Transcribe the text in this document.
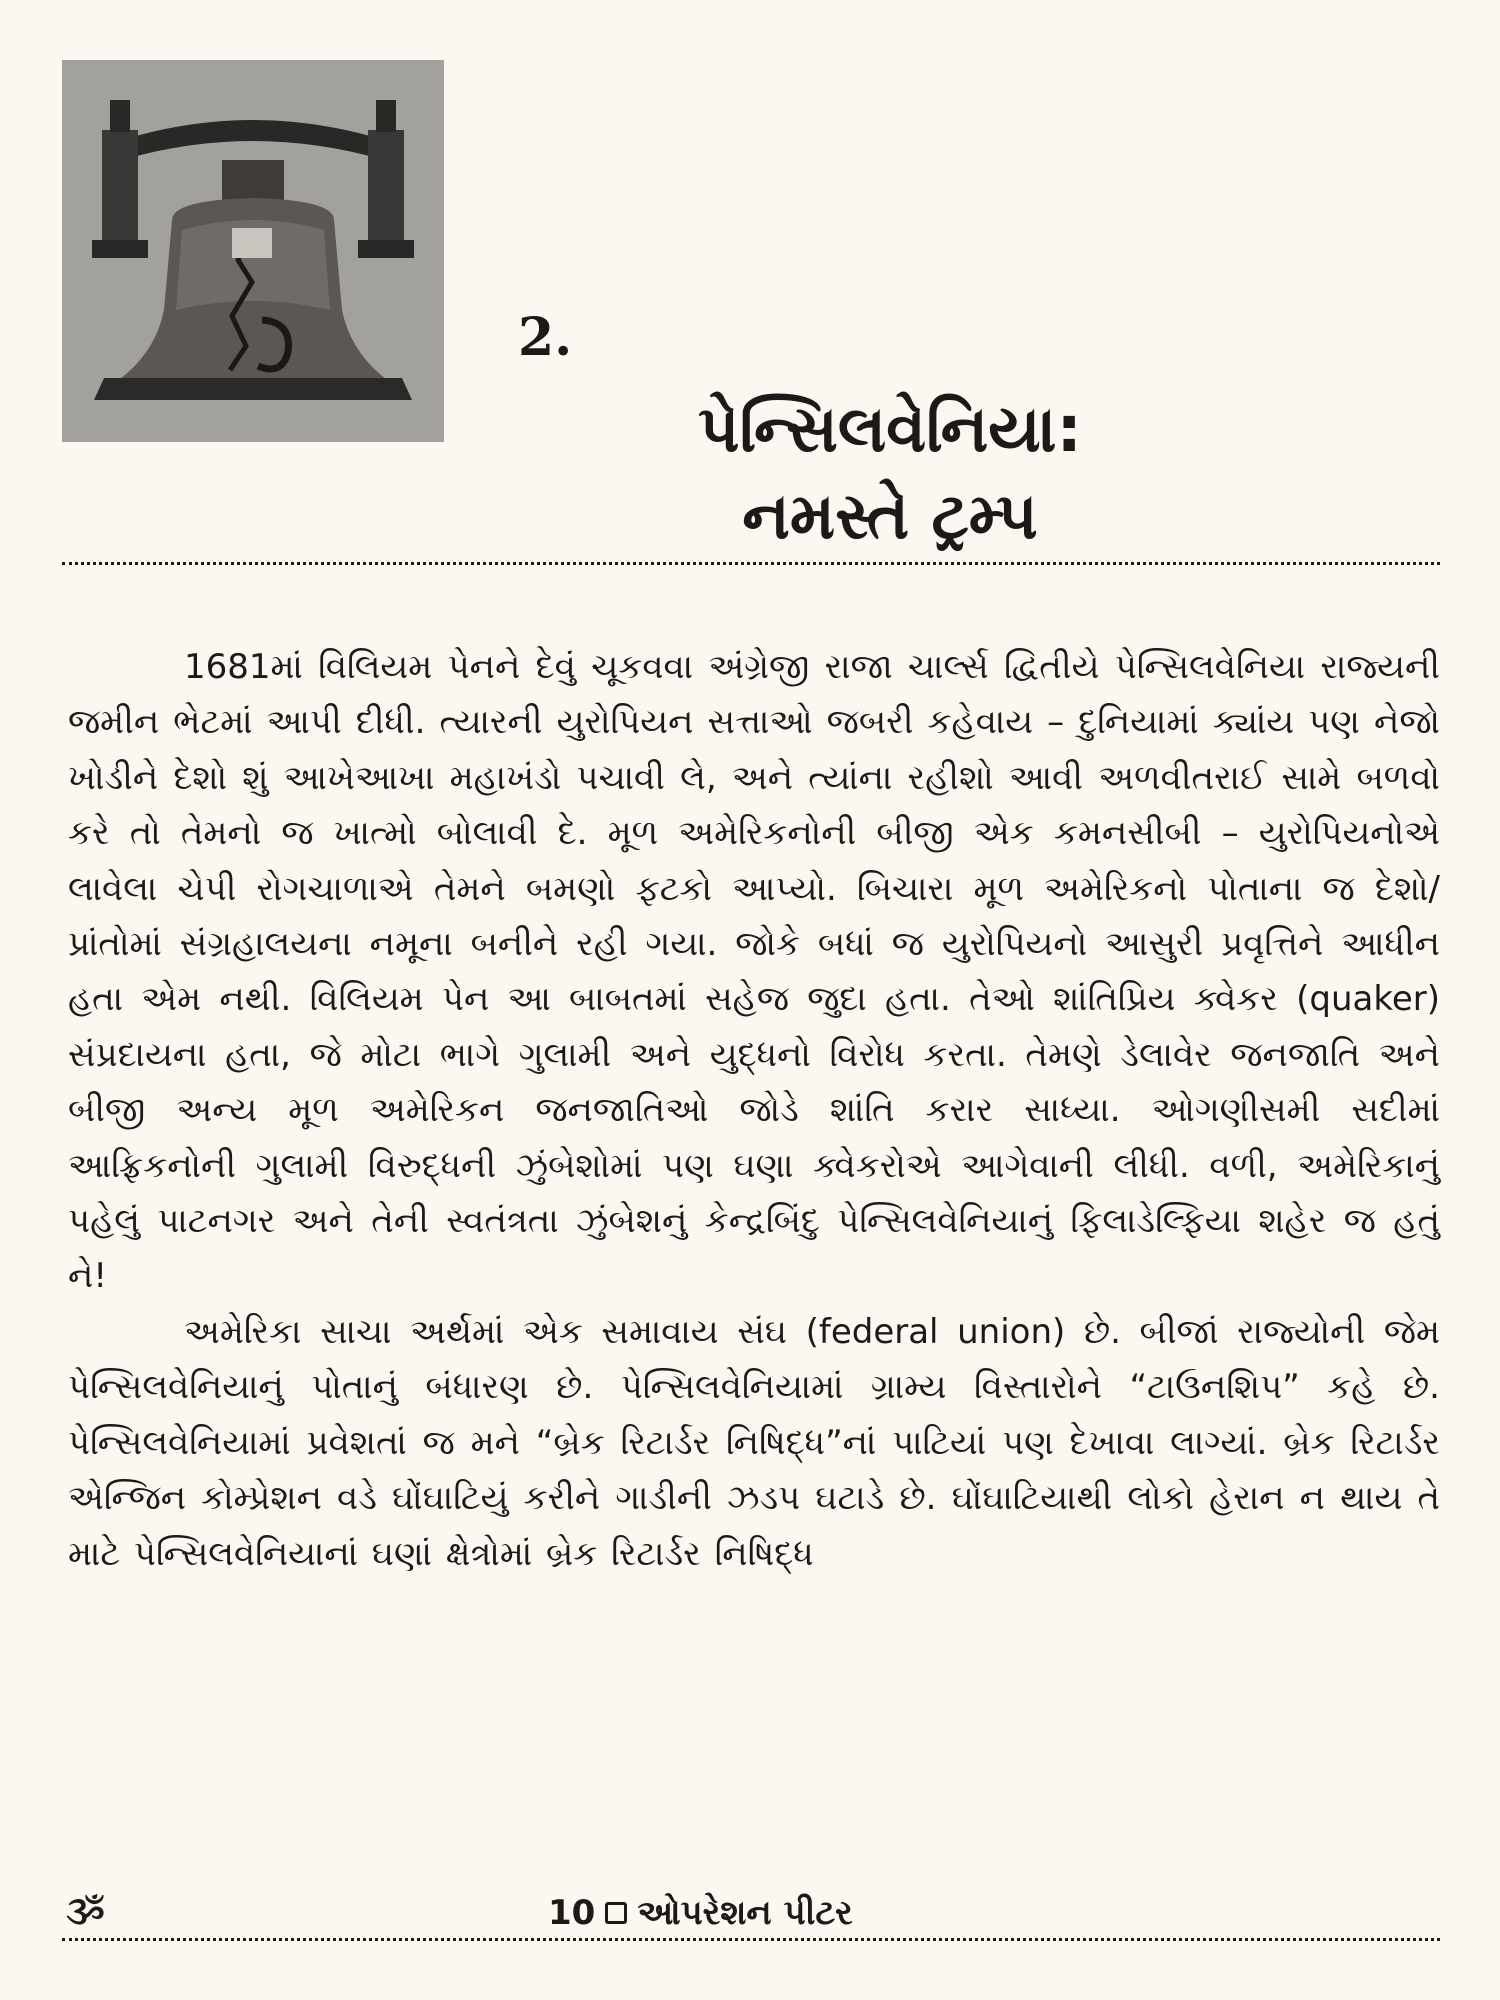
2.
પેન્સિલવેનિયા:
નમસ્તે ટ્રમ્પ

1681માં વિલિયમ પેનને દેવું ચૂકવવા અંગ્રેજી રાજા ચાર્લ્સ દ્વિતીયે પેન્સિલવેનિયા રાજ્યની જમીન ભેટમાં આપી દીધી. ત્યારની યુરોપિયન સત્તાઓ જબરી કહેવાય – દુનિયામાં ક્યાંય પણ નેજો ખોડીને દેશો શું આખેઆખા મહાખંડો પચાવી લે, અને ત્યાંના રહીશો આવી અળવીતરાઈ સામે બળવો કરે તો તેમનો જ ખાત્મો બોલાવી દે. મૂળ અમેરિકનોની બીજી એક કમનસીબી – યુરોપિયનોએ લાવેલા ચેપી રોગચાળાએ તેમને બમણો ફટકો આપ્યો. બિચારા મૂળ અમેરિકનો પોતાના જ દેશો/પ્રાંતોમાં સંગ્રહાલયના નમૂના બનીને રહી ગયા. જોકે બધાં જ યુરોપિયનો આસુરી પ્રવૃત્તિને આધીન હતા એમ નથી. વિલિયમ પેન આ બાબતમાં સહેજ જુદા હતા. તેઓ શાંતિપ્રિય ક્વેકર (quaker) સંપ્રદાયના હતા, જે મોટા ભાગે ગુલામી અને યુદ્ધનો વિરોધ કરતા. તેમણે ડેલાવેર જનજાતિ અને બીજી અન્ય મૂળ અમેરિકન જનજાતિઓ જોડે શાંતિ કરાર સાધ્યા. ઓગણીસમી સદીમાં આફ્રિકનોની ગુલામી વિરુદ્ધની ઝુંબેશોમાં પણ ઘણા ક્વેકરોએ આગેવાની લીધી. વળી, અમેરિકાનું પહેલું પાટનગર અને તેની સ્વતંત્રતા ઝુંબેશનું કેન્દ્રબિંદુ પેન્સિલવેનિયાનું ફિલાડેલ્ફિયા શહેર જ હતું ને!

અમેરિકા સાચા અર્થમાં એક સમાવાય સંઘ (federal union) છે. બીજાં રાજ્યોની જેમ પેન્સિલવેનિયાનું પોતાનું બંધારણ છે. પેન્સિલવેનિયામાં ગ્રામ્ય વિસ્તારોને “ટાઉનશિપ” કહે છે. પેન્સિલવેનિયામાં પ્રવેશતાં જ મને “બ્રેક રિટાર્ડર નિષિદ્ધ”નાં પાટિયાં પણ દેખાવા લાગ્યાં. બ્રેક રિટાર્ડર એન્જિન કોમ્પ્રેશન વડે ઘોંઘાટિયું કરીને ગાડીની ઝડપ ઘટાડે છે. ઘોંઘાટિયાથી લોકો હેરાન ન થાય તે માટે પેન્સિલવેનિયાનાં ઘણાં ક્ષેત્રોમાં બ્રેક રિટાર્ડર નિષિદ્ધ

ૐ	10 ઓપરેશન પીટર
